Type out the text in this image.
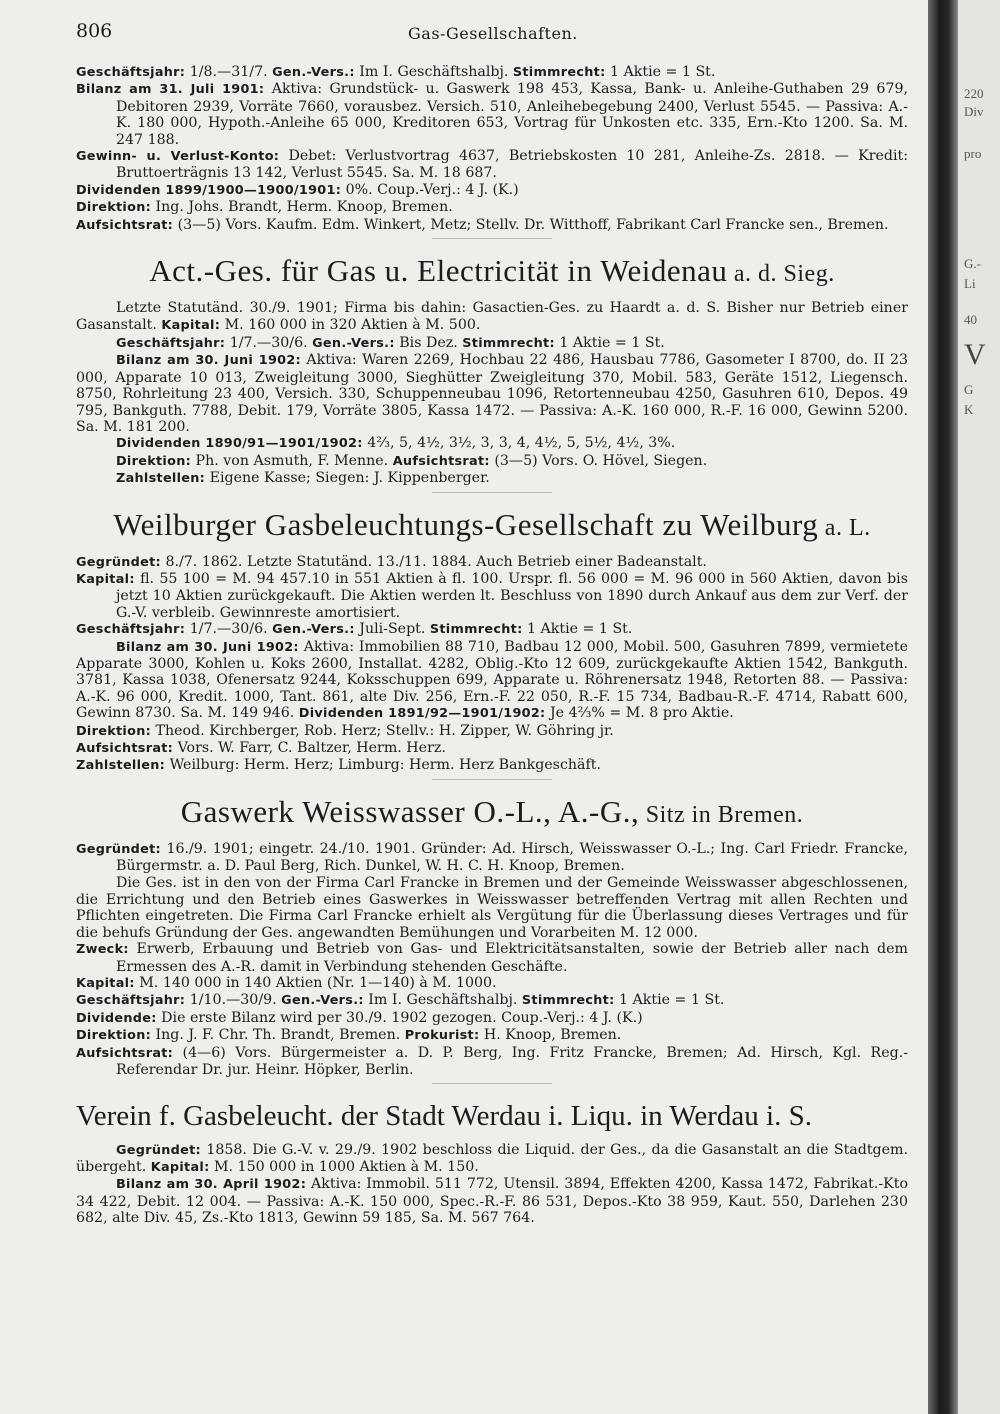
806	Gas-Gesellschaften.

Geschäftsjahr: 1/8.—31/7. Gen.-Vers.: Im I. Geschäftshalbj. Stimmrecht: 1 Aktie = 1 St.

Bilanz am 31. Juli 1901: Aktiva: Grundstück- u. Gaswerk 198 453, Kassa, Bank- u. Anleihe-Guthaben 29 679, Debitoren 2939, Vorräte 7660, vorausbez. Versich. 510, Anleihebegebung 2400, Verlust 5545. — Passiva: A.-K. 180 000, Hypoth.-Anleihe 65 000, Kreditoren 653, Vortrag für Unkosten etc. 335, Ern.-Kto 1200. Sa. M. 247 188.

Gewinn- u. Verlust-Konto: Debet: Verlustvortrag 4637, Betriebskosten 10 281, Anleihe-Zs. 2818. — Kredit: Bruttoerträgnis 13 142, Verlust 5545. Sa. M. 18 687.

Dividenden 1899/1900—1900/1901: 0%. Coup.-Verj.: 4 J. (K.)

Direktion: Ing. Johs. Brandt, Herm. Knoop, Bremen.

Aufsichtsrat: (3—5) Vors. Kaufm. Edm. Winkert, Metz; Stellv. Dr. Witthoff, Fabrikant Carl Francke sen., Bremen.

Act.-Ges. für Gas u. Electricität in Weidenau a. d. Sieg.

Letzte Statutänd. 30./9. 1901; Firma bis dahin: Gasactien-Ges. zu Haardt a. d. S. Bisher nur Betrieb einer Gasanstalt. Kapital: M. 160 000 in 320 Aktien à M. 500.

Geschäftsjahr: 1/7.—30/6. Gen.-Vers.: Bis Dez. Stimmrecht: 1 Aktie = 1 St.

Bilanz am 30. Juni 1902: Aktiva: Waren 2269, Hochbau 22 486, Hausbau 7786, Gasometer I 8700, do. II 23 000, Apparate 10 013, Zweigleitung 3000, Sieghütter Zweigleitung 370, Mobil. 583, Geräte 1512, Liegensch. 8750, Rohrleitung 23 400, Versich. 330, Schuppenneubau 1096, Retortenneubau 4250, Gasuhren 610, Depos. 49 795, Bankguth. 7788, Debit. 179, Vorräte 3805, Kassa 1472. — Passiva: A.-K. 160 000, R.-F. 16 000, Gewinn 5200. Sa. M. 181 200.

Dividenden 1890/91—1901/1902: 4⅔, 5, 4½, 3½, 3, 3, 4, 4½, 5, 5½, 4½, 3%.

Direktion: Ph. von Asmuth, F. Menne. Aufsichtsrat: (3—5) Vors. O. Hövel, Siegen.

Zahlstellen: Eigene Kasse; Siegen: J. Kippenberger.

Weilburger Gasbeleuchtungs-Gesellschaft zu Weilburg a. L.

Gegründet: 8./7. 1862. Letzte Statutänd. 13./11. 1884. Auch Betrieb einer Badeanstalt.

Kapital: fl. 55 100 = M. 94 457.10 in 551 Aktien à fl. 100. Urspr. fl. 56 000 = M. 96 000 in 560 Aktien, davon bis jetzt 10 Aktien zurückgekauft. Die Aktien werden lt. Beschluss von 1890 durch Ankauf aus dem zur Verf. der G.-V. verbleib. Gewinnreste amortisiert.

Geschäftsjahr: 1/7.—30/6. Gen.-Vers.: Juli-Sept. Stimmrecht: 1 Aktie = 1 St.

Bilanz am 30. Juni 1902: Aktiva: Immobilien 88 710, Badbau 12 000, Mobil. 500, Gasuhren 7899, vermietete Apparate 3000, Kohlen u. Koks 2600, Installat. 4282, Oblig.-Kto 12 609, zurückgekaufte Aktien 1542, Bankguth. 3781, Kassa 1038, Ofenersatz 9244, Koksschuppen 699, Apparate u. Röhrenersatz 1948, Retorten 88. — Passiva: A.-K. 96 000, Kredit. 1000, Tant. 861, alte Div. 256, Ern.-F. 22 050, R.-F. 15 734, Badbau-R.-F. 4714, Rabatt 600, Gewinn 8730. Sa. M. 149 946. Dividenden 1891/92—1901/1902: Je 4⅔% = M. 8 pro Aktie.

Direktion: Theod. Kirchberger, Rob. Herz; Stellv.: H. Zipper, W. Göhring jr.

Aufsichtsrat: Vors. W. Farr, C. Baltzer, Herm. Herz.

Zahlstellen: Weilburg: Herm. Herz; Limburg: Herm. Herz Bankgeschäft.

Gaswerk Weisswasser O.-L., A.-G., Sitz in Bremen.

Gegründet: 16./9. 1901; eingetr. 24./10. 1901. Gründer: Ad. Hirsch, Weisswasser O.-L.; Ing. Carl Friedr. Francke, Bürgermstr. a. D. Paul Berg, Rich. Dunkel, W. H. C. H. Knoop, Bremen.

Die Ges. ist in den von der Firma Carl Francke in Bremen und der Gemeinde Weisswasser abgeschlossenen, die Errichtung und den Betrieb eines Gaswerkes in Weisswasser betreffenden Vertrag mit allen Rechten und Pflichten eingetreten. Die Firma Carl Francke erhielt als Vergütung für die Überlassung dieses Vertrages und für die behufs Gründung der Ges. angewandten Bemühungen und Vorarbeiten M. 12 000.

Zweck: Erwerb, Erbauung und Betrieb von Gas- und Elektricitätsanstalten, sowie der Betrieb aller nach dem Ermessen des A.-R. damit in Verbindung stehenden Geschäfte.

Kapital: M. 140 000 in 140 Aktien (Nr. 1—140) à M. 1000.

Geschäftsjahr: 1/10.—30/9. Gen.-Vers.: Im I. Geschäftshalbj. Stimmrecht: 1 Aktie = 1 St.

Dividende: Die erste Bilanz wird per 30./9. 1902 gezogen. Coup.-Verj.: 4 J. (K.)

Direktion: Ing. J. F. Chr. Th. Brandt, Bremen. Prokurist: H. Knoop, Bremen.

Aufsichtsrat: (4—6) Vors. Bürgermeister a. D. P. Berg, Ing. Fritz Francke, Bremen; Ad. Hirsch, Kgl. Reg.-Referendar Dr. jur. Heinr. Höpker, Berlin.

Verein f. Gasbeleucht. der Stadt Werdau i. Liqu. in Werdau i. S.

Gegründet: 1858. Die G.-V. v. 29./9. 1902 beschloss die Liquid. der Ges., da die Gasanstalt an die Stadtgem. übergeht. Kapital: M. 150 000 in 1000 Aktien à M. 150.

Bilanz am 30. April 1902: Aktiva: Immobil. 511 772, Utensil. 3894, Effekten 4200, Kassa 1472, Fabrikat.-Kto 34 422, Debit. 12 004. — Passiva: A.-K. 150 000, Spec.-R.-F. 86 531, Depos.-Kto 38 959, Kaut. 550, Darlehen 230 682, alte Div. 45, Zs.-Kto 1813, Gewinn 59 185, Sa. M. 567 764.

220
Div
pro
G.-
Li
40
V
G
K
